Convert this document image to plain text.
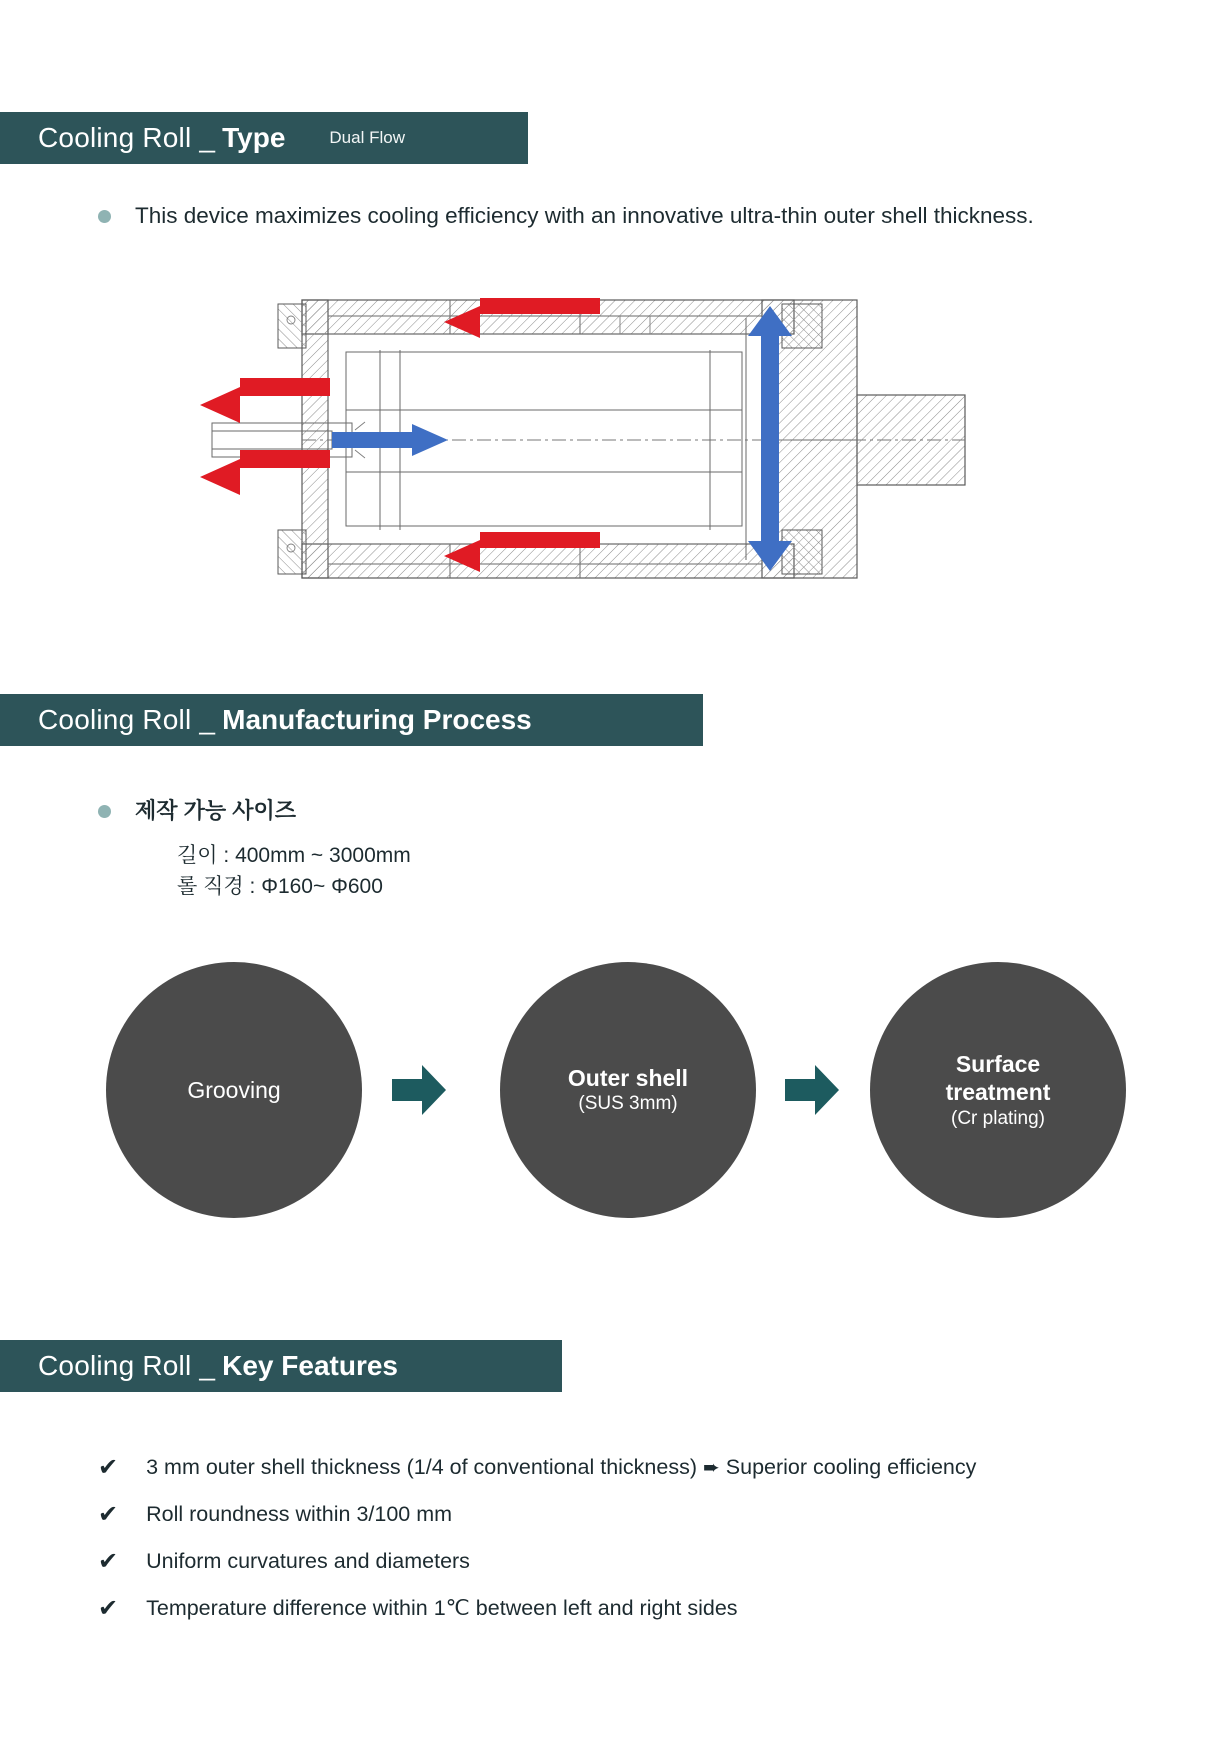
Cooling Roll _ Type	Dual Flow
This device maximizes cooling efficiency with an innovative ultra-thin outer shell thickness.
Cooling Roll _ Manufacturing Process
제작 가능 사이즈
길이 : 400mm ~ 3000mm
롤 직경 : Φ160~ Φ600
Grooving	Outer shell
(SUS 3mm)
Surface
treatment
(Cr plating)
Cooling Roll _ Key Features
✔ 3 mm outer shell thickness (1/4 of conventional thickness) ➨ Superior cooling efficiency
✔ Roll roundness within 3/100 mm
✔ Uniform curvatures and diameters
✔ Temperature difference within 1℃ between left and right sides
